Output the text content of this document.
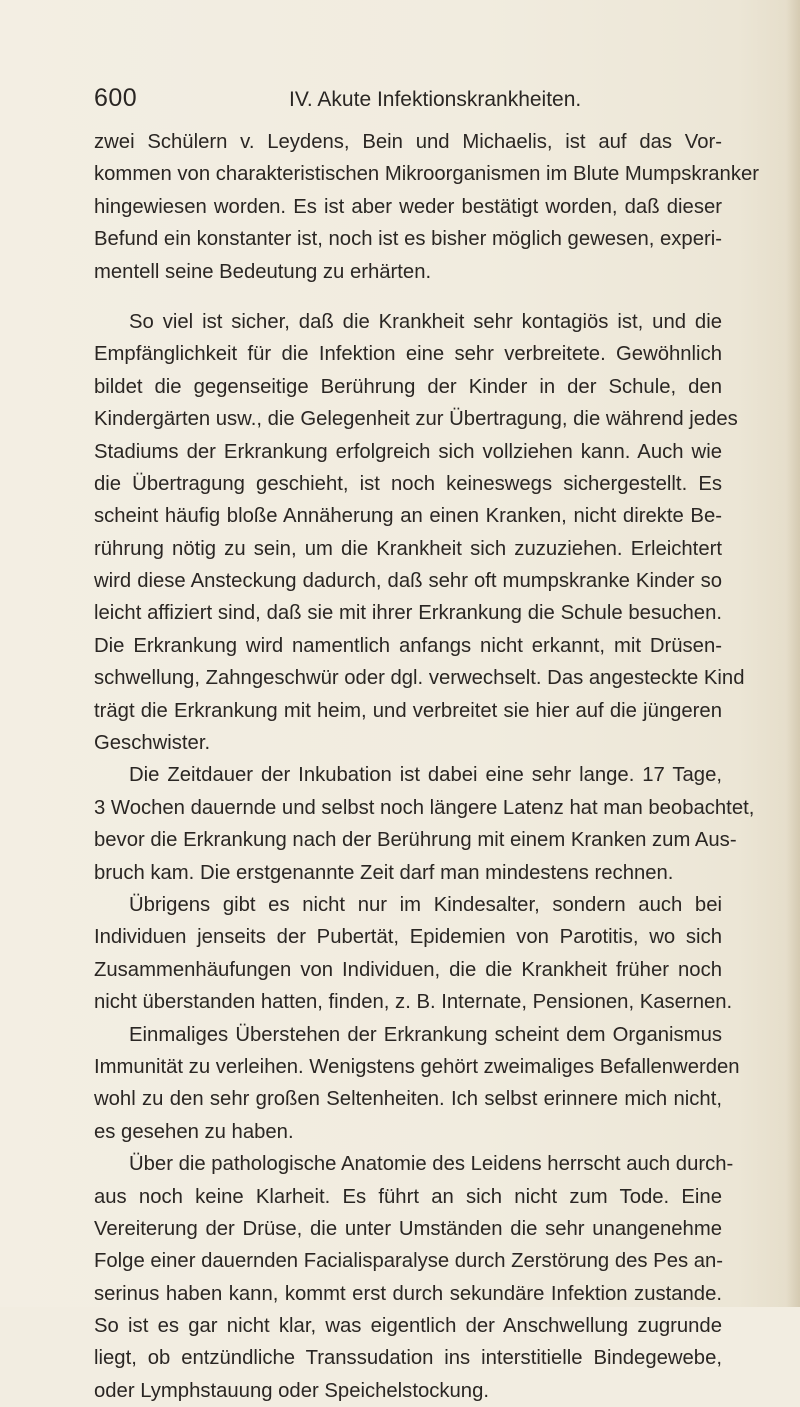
600	IV. Akute Infektionskrankheiten.
zwei Schülern v. Leydens, Bein und Michaelis, ist auf das Vor-
kommen von charakteristischen Mikroorganismen im Blute Mumpskranker
hingewiesen worden. Es ist aber weder bestätigt worden, daß dieser
Befund ein konstanter ist, noch ist es bisher möglich gewesen, experi-
mentell seine Bedeutung zu erhärten.
So viel ist sicher, daß die Krankheit sehr kontagiös ist, und die
Empfänglichkeit für die Infektion eine sehr verbreitete. Gewöhnlich
bildet die gegenseitige Berührung der Kinder in der Schule, den
Kindergärten usw., die Gelegenheit zur Übertragung, die während jedes
Stadiums der Erkrankung erfolgreich sich vollziehen kann. Auch wie
die Übertragung geschieht, ist noch keineswegs sichergestellt. Es
scheint häufig bloße Annäherung an einen Kranken, nicht direkte Be-
rührung nötig zu sein, um die Krankheit sich zuzuziehen. Erleichtert
wird diese Ansteckung dadurch, daß sehr oft mumpskranke Kinder so
leicht affiziert sind, daß sie mit ihrer Erkrankung die Schule besuchen.
Die Erkrankung wird namentlich anfangs nicht erkannt, mit Drüsen-
schwellung, Zahngeschwür oder dgl. verwechselt. Das angesteckte Kind
trägt die Erkrankung mit heim, und verbreitet sie hier auf die jüngeren
Geschwister.
Die Zeitdauer der Inkubation ist dabei eine sehr lange. 17 Tage,
3 Wochen dauernde und selbst noch längere Latenz hat man beobachtet,
bevor die Erkrankung nach der Berührung mit einem Kranken zum Aus-
bruch kam. Die erstgenannte Zeit darf man mindestens rechnen.
Übrigens gibt es nicht nur im Kindesalter, sondern auch bei
Individuen jenseits der Pubertät, Epidemien von Parotitis, wo sich
Zusammenhäufungen von Individuen, die die Krankheit früher noch
nicht überstanden hatten, finden, z. B. Internate, Pensionen, Kasernen.
Einmaliges Überstehen der Erkrankung scheint dem Organismus
Immunität zu verleihen. Wenigstens gehört zweimaliges Befallenwerden
wohl zu den sehr großen Seltenheiten. Ich selbst erinnere mich nicht,
es gesehen zu haben.
Über die pathologische Anatomie des Leidens herrscht auch durch-
aus noch keine Klarheit. Es führt an sich nicht zum Tode. Eine
Vereiterung der Drüse, die unter Umständen die sehr unangenehme
Folge einer dauernden Facialisparalyse durch Zerstörung des Pes an-
serinus haben kann, kommt erst durch sekundäre Infektion zustande.
So ist es gar nicht klar, was eigentlich der Anschwellung zugrunde
liegt, ob entzündliche Transsudation ins interstitielle Bindegewebe,
oder Lymphstauung oder Speichelstockung.
